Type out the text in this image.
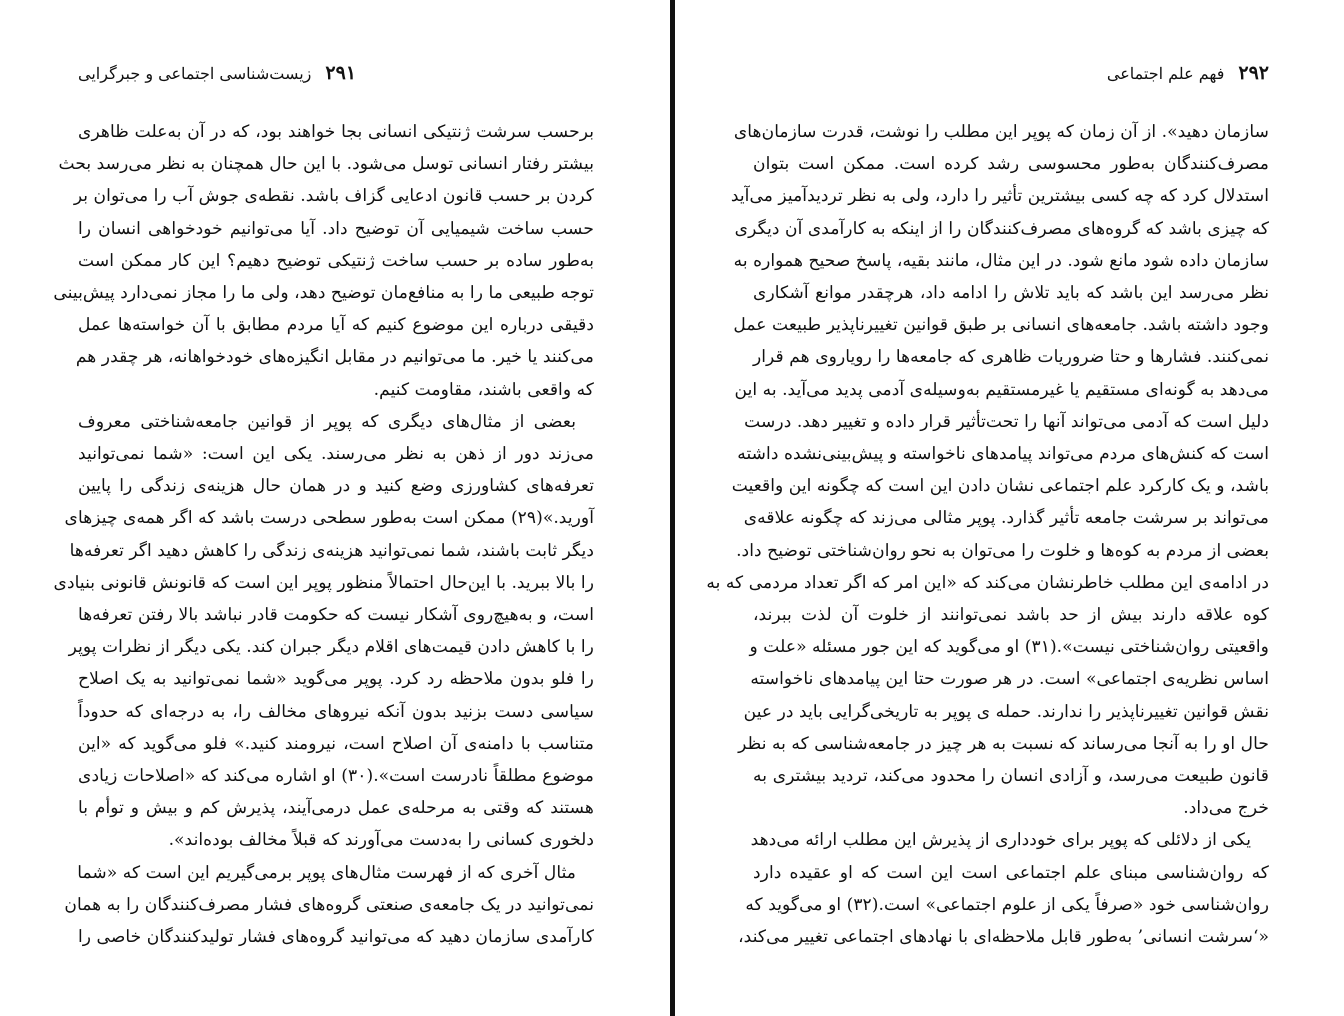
۲۹۱
زیست‌شناسی اجتماعی و جبرگرایی
برحسب سرشت ژنتیکی انسانی بجا خواهند بود، که در آن به‌علت ظاهری
بیشتر رفتار انسانی توسل می‌شود. با این حال همچنان به نظر می‌رسد بحث
کردن بر حسب قانون ادعایی گزاف باشد. نقطه‌ی جوش آب را می‌توان بر
حسب ساخت شیمیایی آن توضیح داد. آیا می‌توانیم خودخواهی انسان را
به‌طور ساده بر حسب ساخت ژنتیکی توضیح دهیم؟ این کار ممکن است
توجه طبیعی ما را به منافع‌مان توضیح دهد، ولی ما را مجاز نمی‌دارد پیش‌بینی
دقیقی درباره این موضوع کنیم که آیا مردم مطابق با آن خواسته‌ها عمل
می‌کنند یا خیر. ما می‌توانیم در مقابل انگیزه‌های خودخواهانه، هر چقدر هم
که واقعی باشند، مقاومت کنیم.
بعضی از مثال‌های دیگری که پوپر از قوانین جامعه‌شناختی معروف
می‌زند دور از ذهن به نظر می‌رسند. یکی این است: «شما نمی‌توانید
تعرفه‌های کشاورزی وضع کنید و در همان حال هزینه‌ی زندگی را پایین
آورید.»(۲۹) ممکن است به‌طور سطحی درست باشد که اگر همه‌ی چیزهای
دیگر ثابت باشند، شما نمی‌توانید هزینه‌ی زندگی را کاهش دهید اگر تعرفه‌ها
را بالا ببرید. با این‌حال احتمالاً منظور پوپر این است که قانونش قانونی بنیادی
است، و به‌هیچ‌روی آشکار نیست که حکومت قادر نباشد بالا رفتن تعرفه‌ها
را با کاهش دادن قیمت‌های اقلام دیگر جبران کند. یکی دیگر از نظرات پوپر
را فلو بدون ملاحظه رد کرد. پوپر می‌گوید «شما نمی‌توانید به یک اصلاح
سیاسی دست بزنید بدون آنکه نیروهای مخالف را، به درجه‌ای که حدوداً
متناسب با دامنه‌ی آن اصلاح است، نیرومند کنید.» فلو می‌گوید که «این
موضوع مطلقاً نادرست است».(۳۰) او اشاره می‌کند که «اصلاحات زیادی
هستند که وقتی به مرحله‌ی عمل درمی‌آیند، پذیرش کم و بیش و توأم با
دلخوری کسانی را به‌دست می‌آورند که قبلاً مخالف بوده‌اند».
مثال آخری که از فهرست مثال‌های پوپر برمی‌گیریم این است که «شما
نمی‌توانید در یک جامعه‌ی صنعتی گروه‌های فشار مصرف‌کنندگان را به همان
کارآمدی سازمان دهید که می‌توانید گروه‌های فشار تولیدکنندگان خاصی را
۲۹۲
فهم علم اجتماعی
سازمان دهید». از آن زمان که پوپر این مطلب را نوشت، قدرت سازمان‌های
مصرف‌کنندگان به‌طور محسوسی رشد کرده است. ممکن است بتوان
استدلال کرد که چه کسی بیشترین تأثیر را دارد، ولی به نظر تردیدآمیز می‌آید
که چیزی باشد که گروه‌های مصرف‌کنندگان را از اینکه به کارآمدی آن دیگری
سازمان داده شود مانع شود. در این مثال، مانند بقیه، پاسخ صحیح همواره به
نظر می‌رسد این باشد که باید تلاش را ادامه داد، هرچقدر موانع آشکاری
وجود داشته باشد. جامعه‌های انسانی بر طبق قوانین تغییرناپذیر طبیعت عمل
نمی‌کنند. فشارها و حتا ضروریات ظاهری که جامعه‌ها را رویاروی هم قرار
می‌دهد به گونه‌ای مستقیم یا غیرمستقیم به‌وسیله‌ی آدمی پدید می‌آید. به این
دلیل است که آدمی می‌تواند آنها را تحت‌تأثیر قرار داده و تغییر دهد. درست
است که کنش‌های مردم می‌تواند پیامدهای ناخواسته و پیش‌بینی‌نشده داشته
باشد، و یک کارکرد علم اجتماعی نشان دادن این است که چگونه این واقعیت
می‌تواند بر سرشت جامعه تأثیر گذارد. پوپر مثالی می‌زند که چگونه علاقه‌ی
بعضی از مردم به کوه‌ها و خلوت را می‌توان به نحو روان‌شناختی توضیح داد.
در ادامه‌ی این مطلب خاطرنشان می‌کند که «این امر که اگر تعداد مردمی که به
کوه علاقه دارند بیش از حد باشد نمی‌توانند از خلوت آن لذت ببرند،
واقعیتی روان‌شناختی نیست».(۳۱) او می‌گوید که این جور مسئله «علت و
اساس نظریه‌ی اجتماعی» است. در هر صورت حتا این پیامدهای ناخواسته
نقش قوانین تغییرناپذیر را ندارند. حمله ی پوپر به تاریخی‌گرایی باید در عین
حال او را به آنجا می‌رساند که نسبت به هر چیز در جامعه‌شناسی که به نظر
قانون طبیعت می‌رسد، و آزادی انسان را محدود می‌کند، تردید بیشتری به
خرج می‌داد.
یکی از دلائلی که پوپر برای خودداری از پذیرش این مطلب ارائه می‌دهد
که روان‌شناسی مبنای علم اجتماعی است این است که او عقیده دارد
روان‌شناسی خود «صرفاً یکی از علوم اجتماعی» است.(۳۲) او می‌گوید که
«‘سرشت انسانی’ به‌طور قابل ملاحظه‌ای با نهادهای اجتماعی تغییر می‌کند،
